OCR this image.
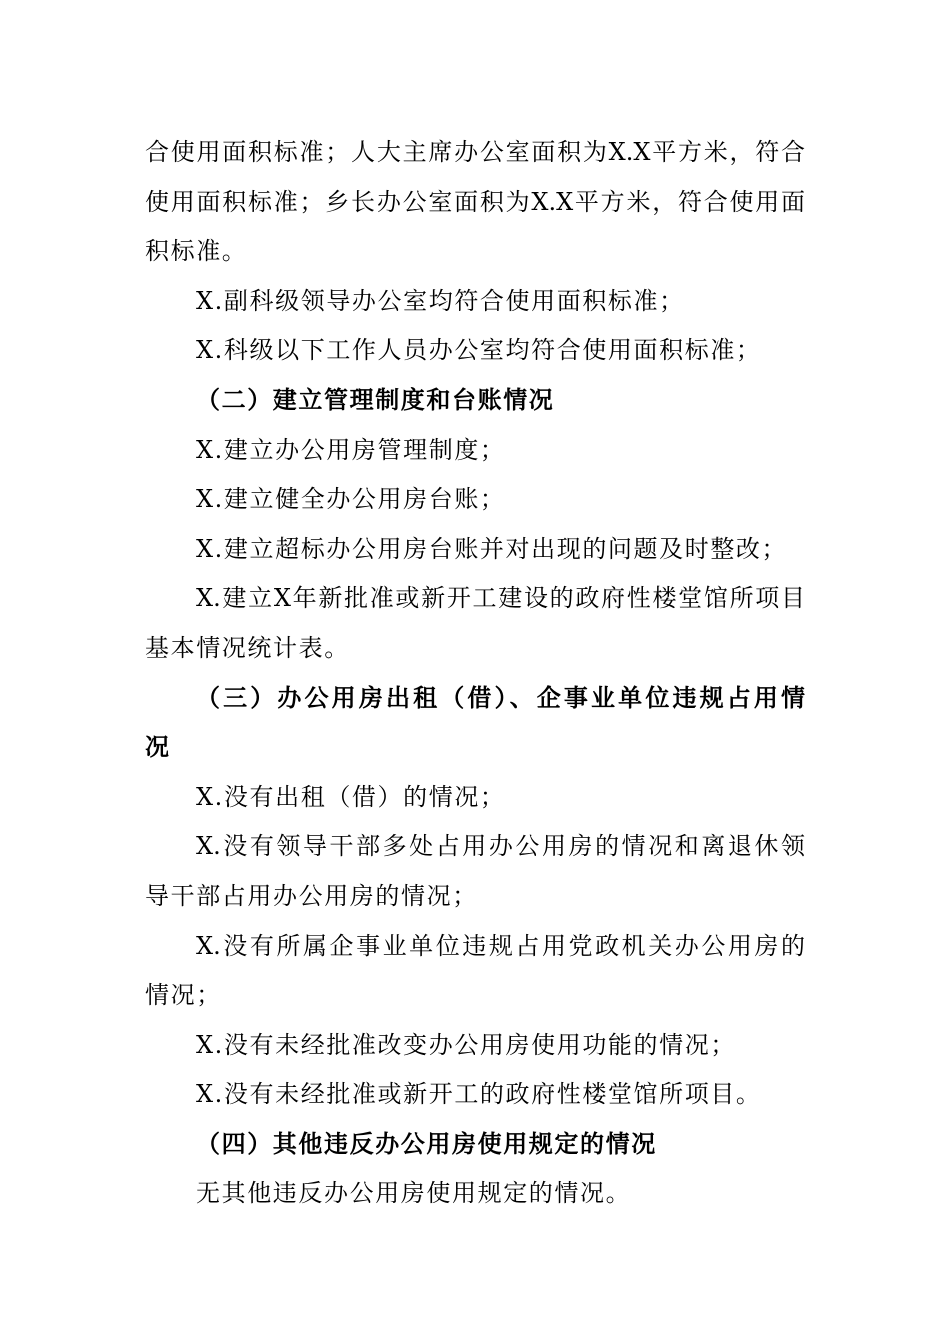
合使用面积标准；人大主席办公室面积为X.X平方米，符合
使用面积标准；乡长办公室面积为X.X平方米，符合使用面
积标准。
X.副科级领导办公室均符合使用面积标准；
X.科级以下工作人员办公室均符合使用面积标准；
（二）建立管理制度和台账情况
X.建立办公用房管理制度；
X.建立健全办公用房台账；
X.建立超标办公用房台账并对出现的问题及时整改；
X.建立X年新批准或新开工建设的政府性楼堂馆所项目
基本情况统计表。
（三）办公用房出租（借）、企事业单位违规占用情
况
X.没有出租（借）的情况；
X.没有领导干部多处占用办公用房的情况和离退休领
导干部占用办公用房的情况；
X.没有所属企事业单位违规占用党政机关办公用房的
情况；
X.没有未经批准改变办公用房使用功能的情况；
X.没有未经批准或新开工的政府性楼堂馆所项目。
（四）其他违反办公用房使用规定的情况
无其他违反办公用房使用规定的情况。
